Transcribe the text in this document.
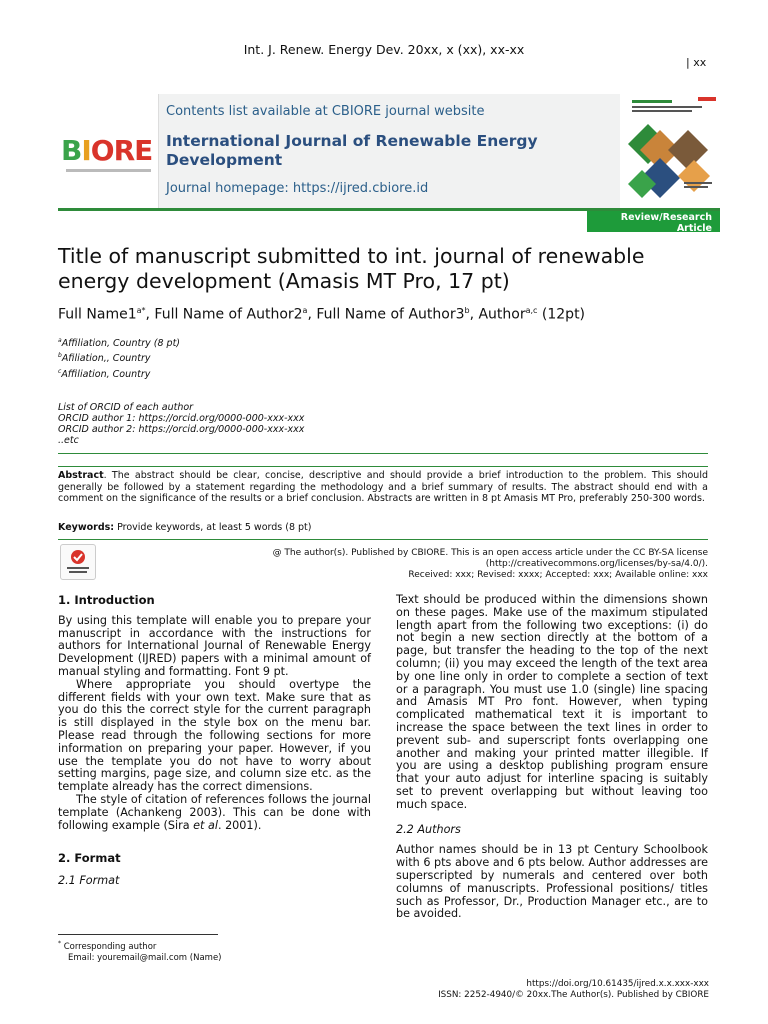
Int. J. Renew. Energy Dev. 20xx, x (xx), xx-xx
| xx
BIORE
Contents list available at CBIORE journal website
International Journal of Renewable Energy Development
Journal homepage: https://ijred.cbiore.id
Review/Research Article
Title of manuscript submitted to int. journal of renewable energy development (Amasis MT Pro, 17 pt)
Full $Name1^{a*}$, Full Name of Author2$^a$, Full Name of Author3$^b$, Author$^{a,c}$ (12pt)
$^a$Affiliation, Country (8 pt)
$^b$Afiliation,, Country
$^c$Affiliation, Country
List of ORCID of each author
ORCID author 1: https://orcid.org/0000-000-xxx-xxx
ORCID author 2: https://orcid.org/0000-000-xxx-xxx
..etc
Abstract. The abstract should be clear, concise, descriptive and should provide a brief introduction to the problem. This should generally be followed by a statement regarding the methodology and a brief summary of results. The abstract should end with a comment on the significance of the results or a brief conclusion. Abstracts are written in 8 pt Amasis MT Pro, preferably 250-300 words.
Keywords: Provide keywords, at least 5 words (8 pt)
@ The author(s). Published by CBIORE. This is an open access article under the CC BY-SA license
(http://creativecommons.org/licenses/by-sa/4.0/).
Received: xxx; Revised: xxxx; Accepted: xxx; Available online: xxx
1. Introduction

By using this template will enable you to prepare your manuscript in accordance with the instructions for authors for International Journal of Renewable Energy Development (IJRED) papers with a minimal amount of manual styling and formatting. Font 9 pt.

Where appropriate you should overtype the different fields with your own text. Make sure that as you do this the correct style for the current paragraph is still displayed in the style box on the menu bar. Please read through the following sections for more information on preparing your paper. However, if you use the template you do not have to worry about setting margins, page size, and column size etc. as the template already has the correct dimensions.

The style of citation of references follows the journal template (Achankeng 2003). This can be done with following example (Sira et al. 2001).

2. Format
2.1 Format

Text should be produced within the dimensions shown on these pages. Make use of the maximum stipulated length apart from the following two exceptions: (i) do not begin a new section directly at the bottom of a page, but transfer the heading to the top of the next column; (ii) you may exceed the length of the text area by one line only in order to complete a section of text or a paragraph. You must use 1.0 (single) line spacing and Amasis MT Pro font. However, when typing complicated mathematical text it is important to increase the space between the text lines in order to prevent sub- and superscript fonts overlapping one another and making your printed matter illegible. If you are using a desktop publishing program ensure that your auto adjust for interline spacing is suitably set to prevent overlapping but without leaving too much space.

2.2 Authors

Author names should be in 13 pt Century Schoolbook with 6 pts above and 6 pts below. Author addresses are superscripted by numerals and centered over both columns of manuscripts. Professional positions/ titles such as Professor, Dr., Production Manager etc., are to be avoided.

* Corresponding author
Email: youremail@mail.com (Name)
https://doi.org/10.61435/ijred.x.x.xxx-xxx
ISSN: 2252-4940/© 20xx.The Author(s). Published by CBIORE
